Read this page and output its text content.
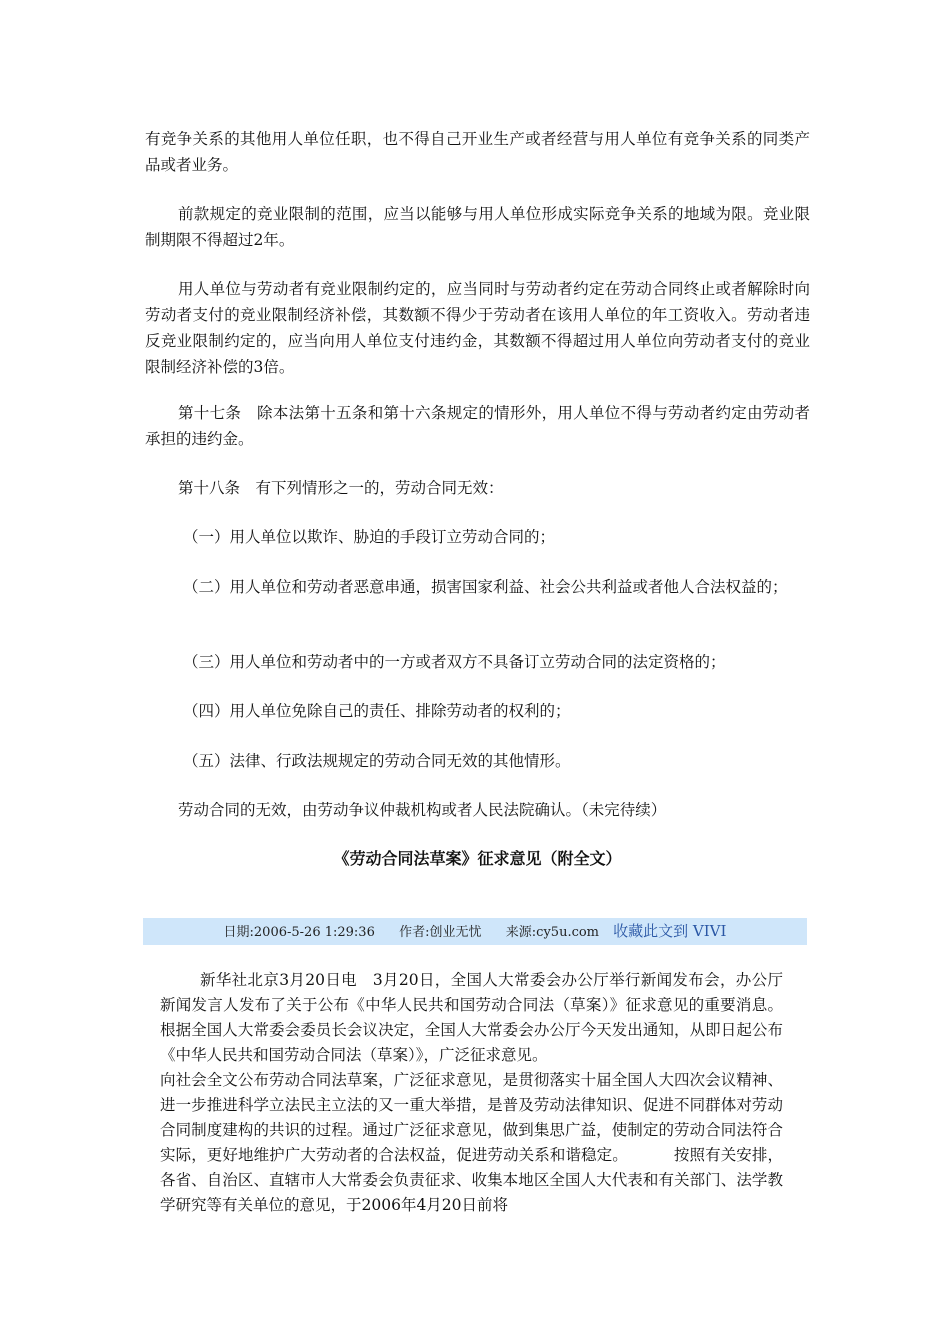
有竞争关系的其他用人单位任职，也不得自己开业生产或者经营与用人单位有竞争关系的同类产品或者业务。

前款规定的竞业限制的范围，应当以能够与用人单位形成实际竞争关系的地域为限。竞业限制期限不得超过2年。

用人单位与劳动者有竞业限制约定的，应当同时与劳动者约定在劳动合同终止或者解除时向劳动者支付的竞业限制经济补偿，其数额不得少于劳动者在该用人单位的年工资收入。劳动者违反竞业限制约定的，应当向用人单位支付违约金，其数额不得超过用人单位向劳动者支付的竞业限制经济补偿的3倍。

第十七条　除本法第十五条和第十六条规定的情形外，用人单位不得与劳动者约定由劳动者承担的违约金。

第十八条　有下列情形之一的，劳动合同无效：

（一）用人单位以欺诈、胁迫的手段订立劳动合同的；

（二）用人单位和劳动者恶意串通，损害国家利益、社会公共利益或者他人合法权益的；

（三）用人单位和劳动者中的一方或者双方不具备订立劳动合同的法定资格的；

（四）用人单位免除自己的责任、排除劳动者的权利的；

（五）法律、行政法规规定的劳动合同无效的其他情形。

劳动合同的无效，由劳动争议仲裁机构或者人民法院确认。（未完待续）

《劳动合同法草案》征求意见（附全文）
日期:2006-5-26 1:29:36 作者:创业无忧 来源:cy5u.com 收藏此文到 VIVI
新华社北京3月20日电　3月20日，全国人大常委会办公厅举行新闻发布会，办公厅新闻发言人发布了关于公布《中华人民共和国劳动合同法（草案）》征求意见的重要消息。根据全国人大常委会委员长会议决定，全国人大常委会办公厅今天发出通知，从即日起公布《中华人民共和国劳动合同法（草案）》，广泛征求意见。
向社会全文公布劳动合同法草案，广泛征求意见，是贯彻落实十届全国人大四次会议精神、进一步推进科学立法民主立法的又一重大举措，是普及劳动法律知识、促进不同群体对劳动合同制度建构的共识的过程。通过广泛征求意见，做到集思广益，使制定的劳动合同法符合实际，更好地维护广大劳动者的合法权益，促进劳动关系和谐稳定。	按照有关安排，各省、自治区、直辖市人大常委会负责征求、收集本地区全国人大代表和有关部门、法学教学研究等有关单位的意见，于2006年4月20日前将
